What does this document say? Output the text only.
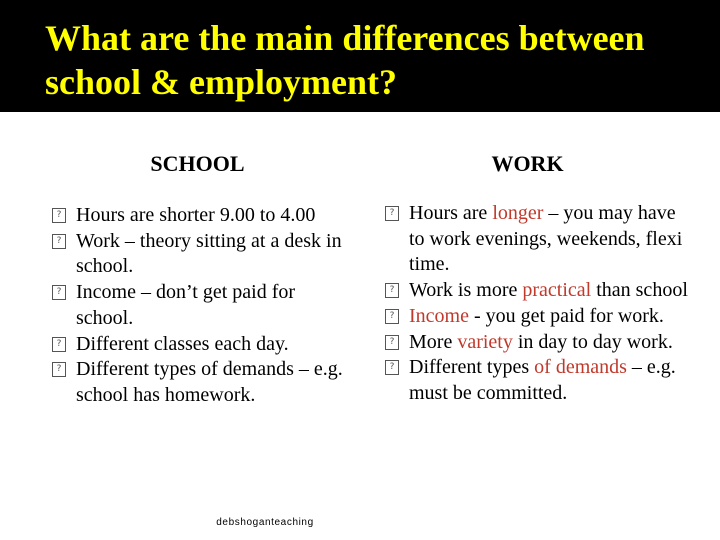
What are the main differences between school & employment?
SCHOOL	WORK
? Hours are shorter 9.00 to 4.00
? Work – theory sitting at a desk in school.
? Income – don’t get paid for school.
? Different classes each day.
? Different types of demands – e.g. school has homework.
? Hours are longer – you may have to work evenings, weekends, flexi time.
? Work is more practical than school
? Income - you get paid for work.
? More variety in day to day work.
? Different types of demands – e.g. must be committed.

debshoganteaching
